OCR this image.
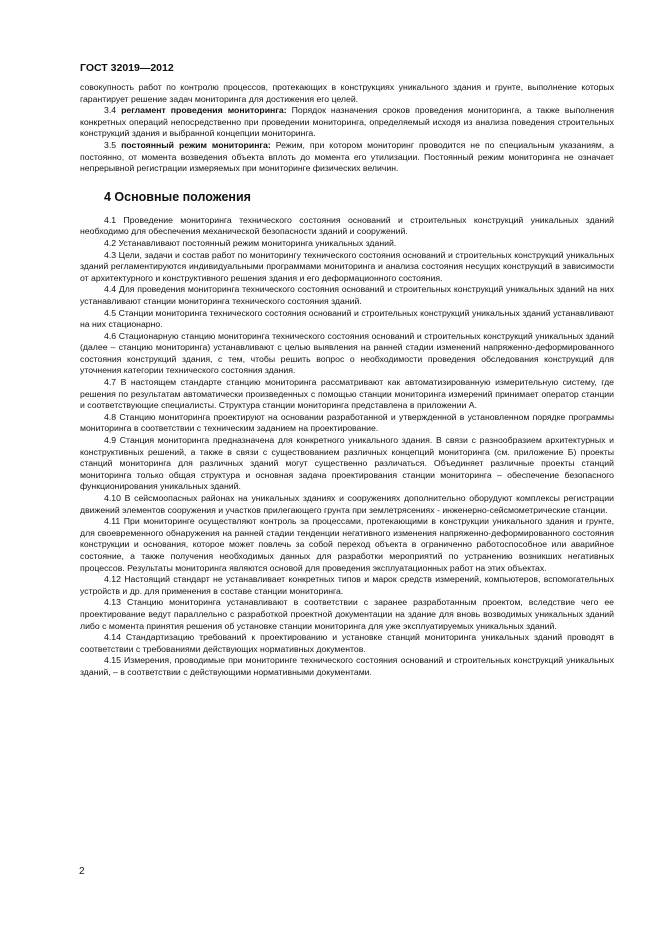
ГОСТ 32019—2012

совокупность работ по контролю процессов, протекающих в конструкциях уникального здания и грунте, выполнение которых гарантирует решение задач мониторинга для достижения его целей.

3.4 регламент проведения мониторинга: Порядок назначения сроков проведения мониторинга, а также выполнения конкретных операций непосредственно при проведении мониторинга, определяемый исходя из анализа поведения строительных конструкций здания и выбранной концепции мониторинга.

3.5 постоянный режим мониторинга: Режим, при котором мониторинг проводится не по специальным указаниям, а постоянно, от момента возведения объекта вплоть до момента его утилизации. Постоянный режим мониторинга не означает непрерывной регистрации измеряемых при мониторинге физических величин.

4 Основные положения

4.1 Проведение мониторинга технического состояния оснований и строительных конструкций уникальных зданий необходимо для обеспечения механической безопасности зданий и сооружений.

4.2 Устанавливают постоянный режим мониторинга уникальных зданий.

4.3 Цели, задачи и состав работ по мониторингу технического состояния оснований и строительных конструкций уникальных зданий регламентируются индивидуальными программами мониторинга и анализа состояния несущих конструкций в зависимости от архитектурного и конструктивного решения здания и его деформационного состояния.

4.4 Для проведения мониторинга технического состояния оснований и строительных конструкций уникальных зданий на них устанавливают станции мониторинга технического состояния зданий.

4.5 Станции мониторинга технического состояния оснований и строительных конструкций уникальных зданий устанавливают на них стационарно.

4.6 Стационарную станцию мониторинга технического состояния оснований и строительных конструкций уникальных зданий (далее – станцию мониторинга) устанавливают с целью выявления на ранней стадии изменений напряженно-деформированного состояния конструкций здания, с тем, чтобы решить вопрос о необходимости проведения обследования конструкций для уточнения категории технического состояния здания.

4.7 В настоящем стандарте станцию мониторинга рассматривают как автоматизированную измерительную систему, где решения по результатам автоматически произведенных с помощью станции мониторинга измерений принимает оператор станции и соответствующие специалисты. Структура станции мониторинга представлена в приложении А.

4.8 Станцию мониторинга проектируют на основании разработанной и утвержденной в установленном порядке программы мониторинга в соответствии с техническим заданием на проектирование.

4.9 Станция мониторинга предназначена для конкретного уникального здания. В связи с разнообразием архитектурных и конструктивных решений, а также в связи с существованием различных концепций мониторинга (см. приложение Б) проекты станций мониторинга для различных зданий могут существенно различаться. Объединяет различные проекты станций мониторинга только общая структура и основная задача проектирования станции мониторинга – обеспечение безопасного функционирования уникальных зданий.

4.10 В сейсмоопасных районах на уникальных зданиях и сооружениях дополнительно оборудуют комплексы регистрации движений элементов сооружения и участков прилегающего грунта при землетрясениях - инженерно-сейсмометрические станции.

4.11 При мониторинге осуществляют контроль за процессами, протекающими в конструкции уникального здания и грунте, для своевременного обнаружения на ранней стадии тенденции негативного изменения напряженно-деформированного состояния конструкции и основания, которое может повлечь за собой переход объекта в ограниченно работоспособное или аварийное состояние, а также получения необходимых данных для разработки мероприятий по устранению возникших негативных процессов. Результаты мониторинга являются основой для проведения эксплуатационных работ на этих объектах.

4.12 Настоящий стандарт не устанавливает конкретных типов и марок средств измерений, компьютеров, вспомогательных устройств и др. для применения в составе станции мониторинга.

4.13 Станцию мониторинга устанавливают в соответствии с заранее разработанным проектом, вследствие чего ее проектирование ведут параллельно с разработкой проектной документации на здание для вновь возводимых уникальных зданий либо с момента принятия решения об установке станции мониторинга для уже эксплуатируемых уникальных зданий.

4.14 Стандартизацию требований к проектированию и установке станций мониторинга уникальных зданий проводят в соответствии с требованиями действующих нормативных документов.

4.15 Измерения, проводимые при мониторинге технического состояния оснований и строительных конструкций уникальных зданий, – в соответствии с действующими нормативными документами.

2
